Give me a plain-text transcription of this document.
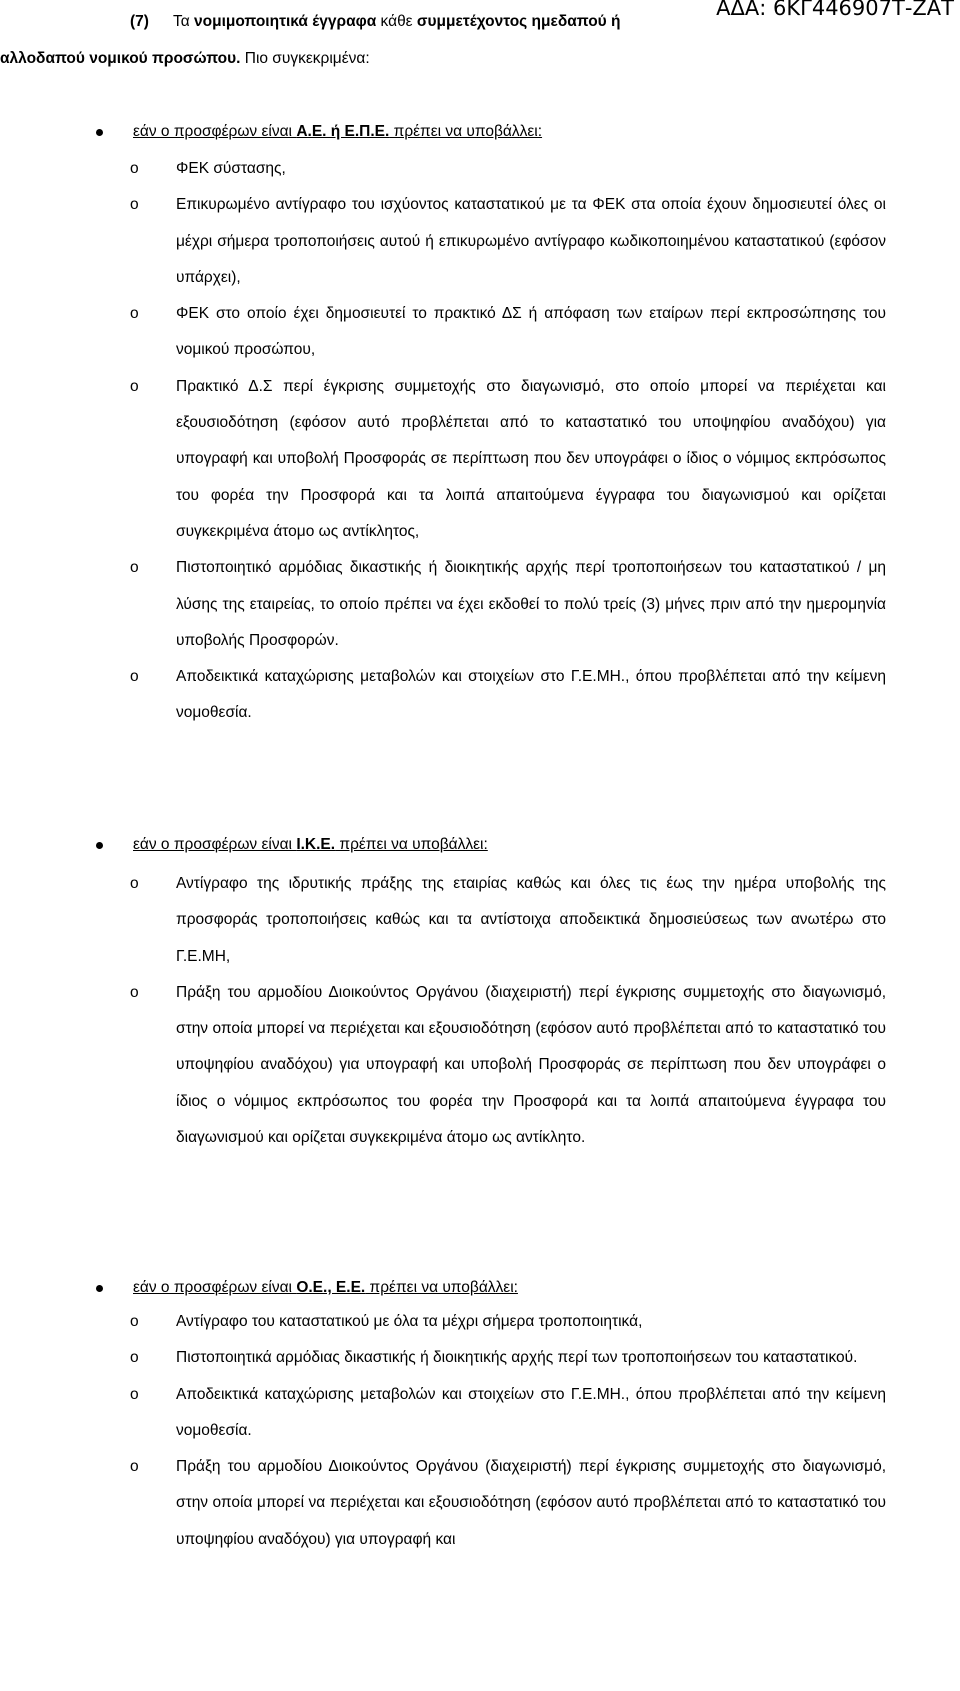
ΑΔΑ: 6ΚΓ446907Τ-ΖΑΤ
(7) Τα νομιμοποιητικά έγγραφα κάθε συμμετέχοντος ημεδαπού ή αλλοδαπού νομικού προσώπου. Πιο συγκεκριμένα:
εάν ο προσφέρων είναι Α.Ε. ή Ε.Π.Ε. πρέπει να υποβάλλει:
o ΦΕΚ σύστασης,
o Επικυρωμένο αντίγραφο του ισχύοντος καταστατικού με τα ΦΕΚ στα οποία έχουν δημοσιευτεί όλες οι μέχρι σήμερα τροποποιήσεις αυτού ή επικυρωμένο αντίγραφο κωδικοποιημένου καταστατικού (εφόσον υπάρχει),
o ΦΕΚ στο οποίο έχει δημοσιευτεί το πρακτικό ΔΣ ή απόφαση των εταίρων περί εκπροσώπησης του νομικού προσώπου,
o Πρακτικό Δ.Σ περί έγκρισης συμμετοχής στο διαγωνισμό, στο οποίο μπορεί να περιέχεται και εξουσιοδότηση (εφόσον αυτό προβλέπεται από το καταστατικό του υποψηφίου αναδόχου) για υπογραφή και υποβολή Προσφοράς σε περίπτωση που δεν υπογράφει ο ίδιος ο νόμιμος εκπρόσωπος του φορέα την Προσφορά και τα λοιπά απαιτούμενα έγγραφα του διαγωνισμού και ορίζεται συγκεκριμένα άτομο ως αντίκλητος,
o Πιστοποιητικό αρμόδιας δικαστικής ή διοικητικής αρχής περί τροποποιήσεων του καταστατικού / μη λύσης της εταιρείας, το οποίο πρέπει να έχει εκδοθεί το πολύ τρείς (3) μήνες πριν από την ημερομηνία υποβολής Προσφορών.
o Αποδεικτικά καταχώρισης μεταβολών και στοιχείων στο Γ.Ε.ΜΗ., όπου προβλέπεται από την κείμενη νομοθεσία.
εάν ο προσφέρων είναι Ι.Κ.Ε. πρέπει να υποβάλλει:
o Αντίγραφο της ιδρυτικής πράξης της εταιρίας καθώς και όλες τις έως την ημέρα υποβολής της προσφοράς τροποποιήσεις καθώς και τα αντίστοιχα αποδεικτικά δημοσιεύσεως των ανωτέρω στο Γ.Ε.ΜΗ,
o Πράξη του αρμοδίου Διοικούντος Οργάνου (διαχειριστή) περί έγκρισης συμμετοχής στο διαγωνισμό, στην οποία μπορεί να περιέχεται και εξουσιοδότηση (εφόσον αυτό προβλέπεται από το καταστατικό του υποψηφίου αναδόχου) για υπογραφή και υποβολή Προσφοράς σε περίπτωση που δεν υπογράφει ο ίδιος ο νόμιμος εκπρόσωπος του φορέα την Προσφορά και τα λοιπά απαιτούμενα έγγραφα του διαγωνισμού και ορίζεται συγκεκριμένα άτομο ως αντίκλητο.
εάν ο προσφέρων είναι Ο.Ε., Ε.Ε. πρέπει να υποβάλλει:
o Αντίγραφο του καταστατικού με όλα τα μέχρι σήμερα τροποποιητικά,
o Πιστοποιητικά αρμόδιας δικαστικής ή διοικητικής αρχής περί των τροποποιήσεων του καταστατικού.
o Αποδεικτικά καταχώρισης μεταβολών και στοιχείων στο Γ.Ε.ΜΗ., όπου προβλέπεται από την κείμενη νομοθεσία.
o Πράξη του αρμοδίου Διοικούντος Οργάνου (διαχειριστή) περί έγκρισης συμμετοχής στο διαγωνισμό, στην οποία μπορεί να περιέχεται και εξουσιοδότηση (εφόσον αυτό προβλέπεται από το καταστατικό του υποψηφίου αναδόχου) για υπογραφή και
